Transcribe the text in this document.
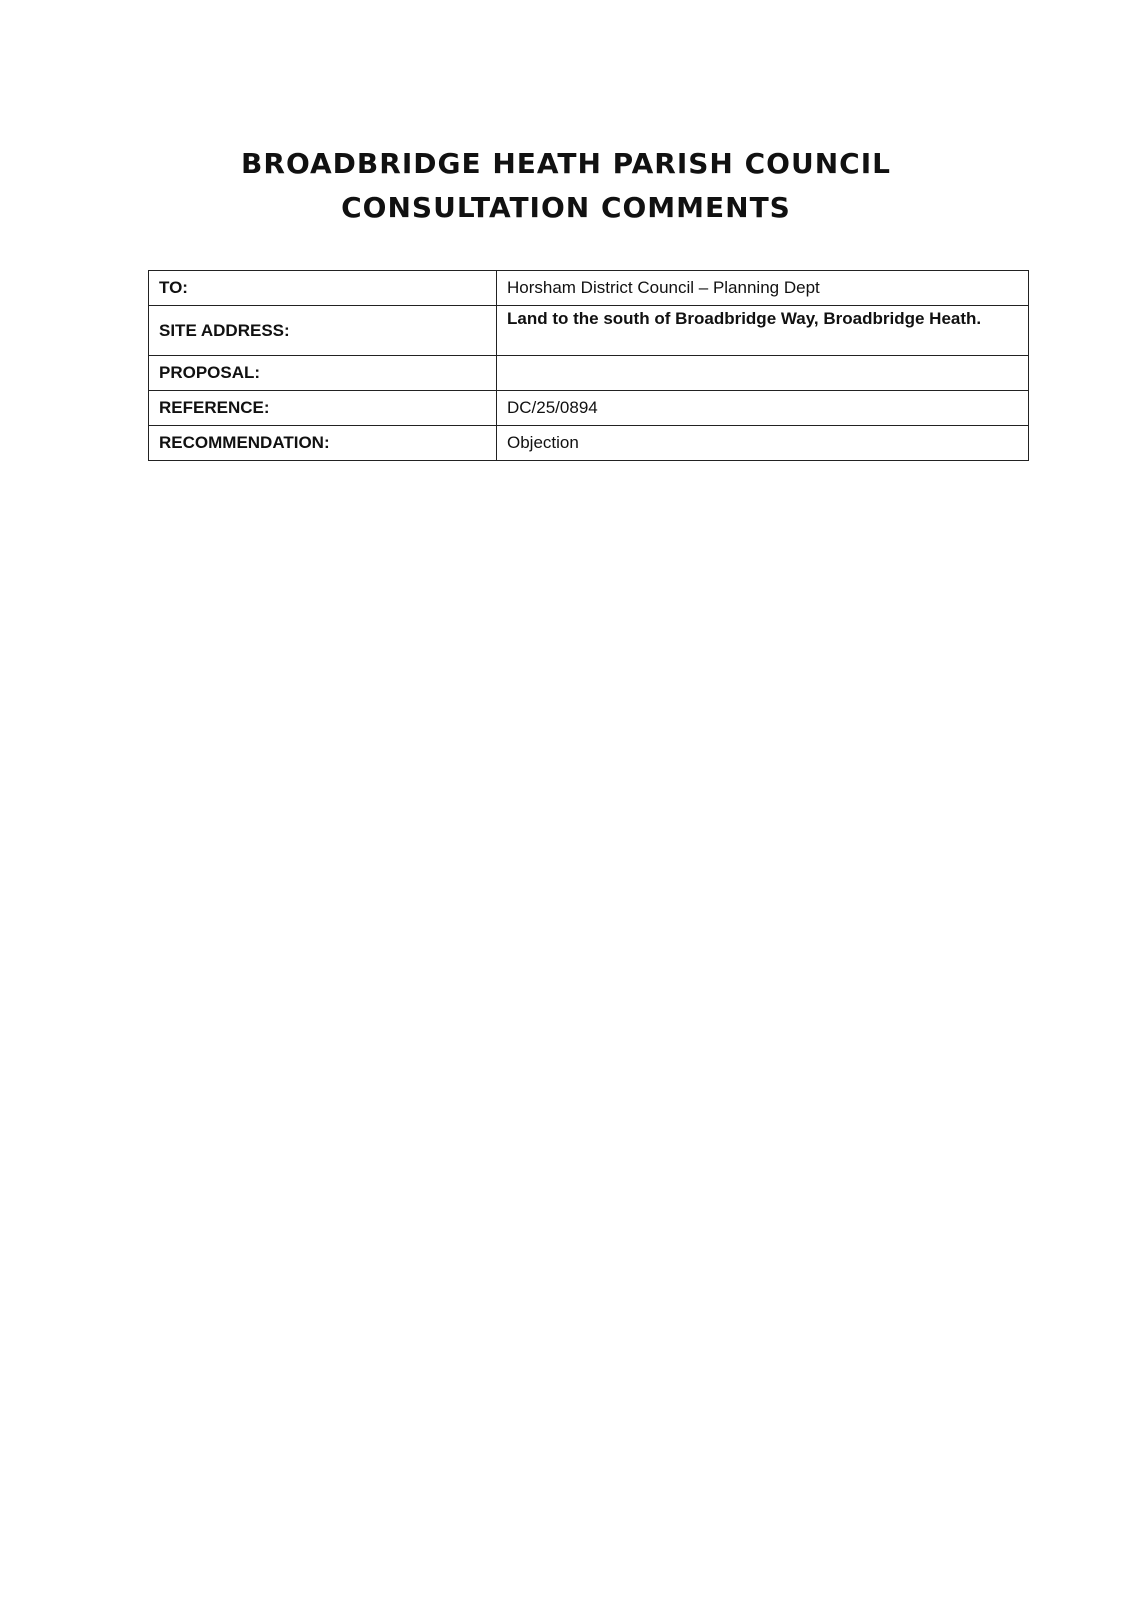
BROADBRIDGE HEATH PARISH COUNCIL
CONSULTATION COMMENTS
TO:	Horsham District Council – Planning Dept
SITE ADDRESS:	Land to the south of Broadbridge Way, Broadbridge Heath.
PROPOSAL:	
REFERENCE:	DC/25/0894
RECOMMENDATION:	Objection
